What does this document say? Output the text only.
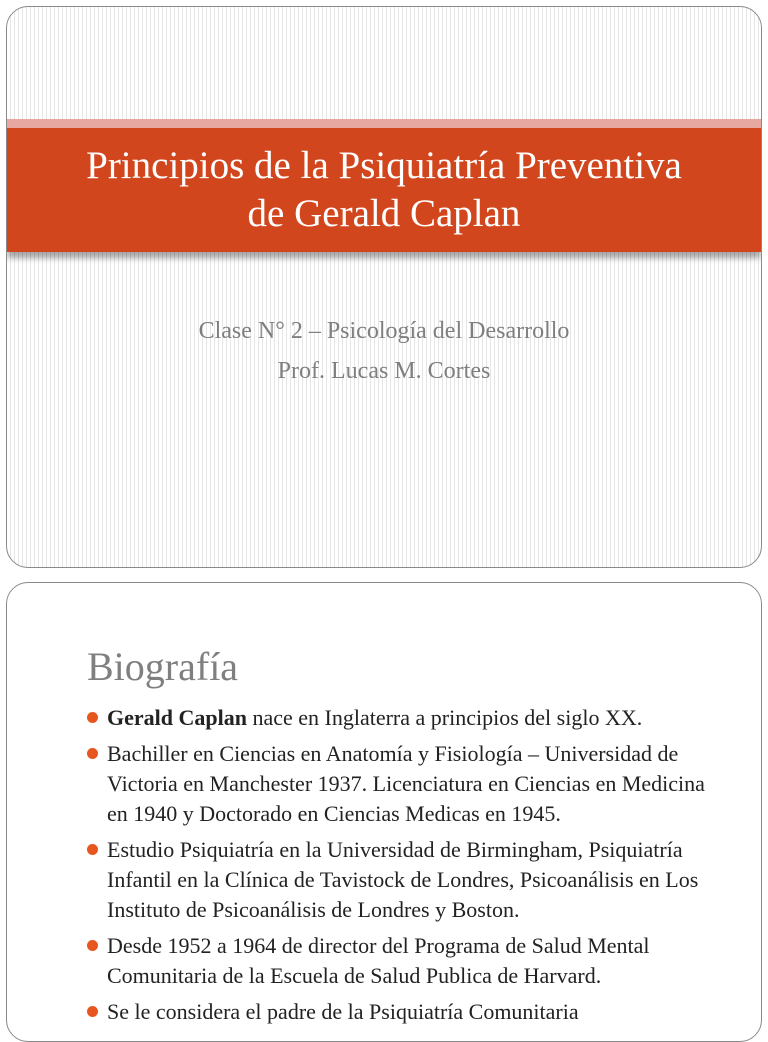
Principios de la Psiquiatría Preventiva
de Gerald Caplan
Clase N° 2 – Psicología del Desarrollo
Prof. Lucas M. Cortes
Biografía
Gerald Caplan nace en Inglaterra a principios del siglo XX.
Bachiller en Ciencias en Anatomía y Fisiología – Universidad de Victoria en Manchester 1937. Licenciatura en Ciencias en Medicina en 1940 y Doctorado en Ciencias Medicas en 1945.
Estudio Psiquiatría en la Universidad de Birmingham, Psiquiatría Infantil en la Clínica de Tavistock de Londres, Psicoanálisis en Los Instituto de Psicoanálisis de Londres y Boston.
Desde 1952 a 1964 de director del Programa de Salud Mental Comunitaria de la Escuela de Salud Publica de Harvard.
Se le considera el padre de la Psiquiatría Comunitaria
